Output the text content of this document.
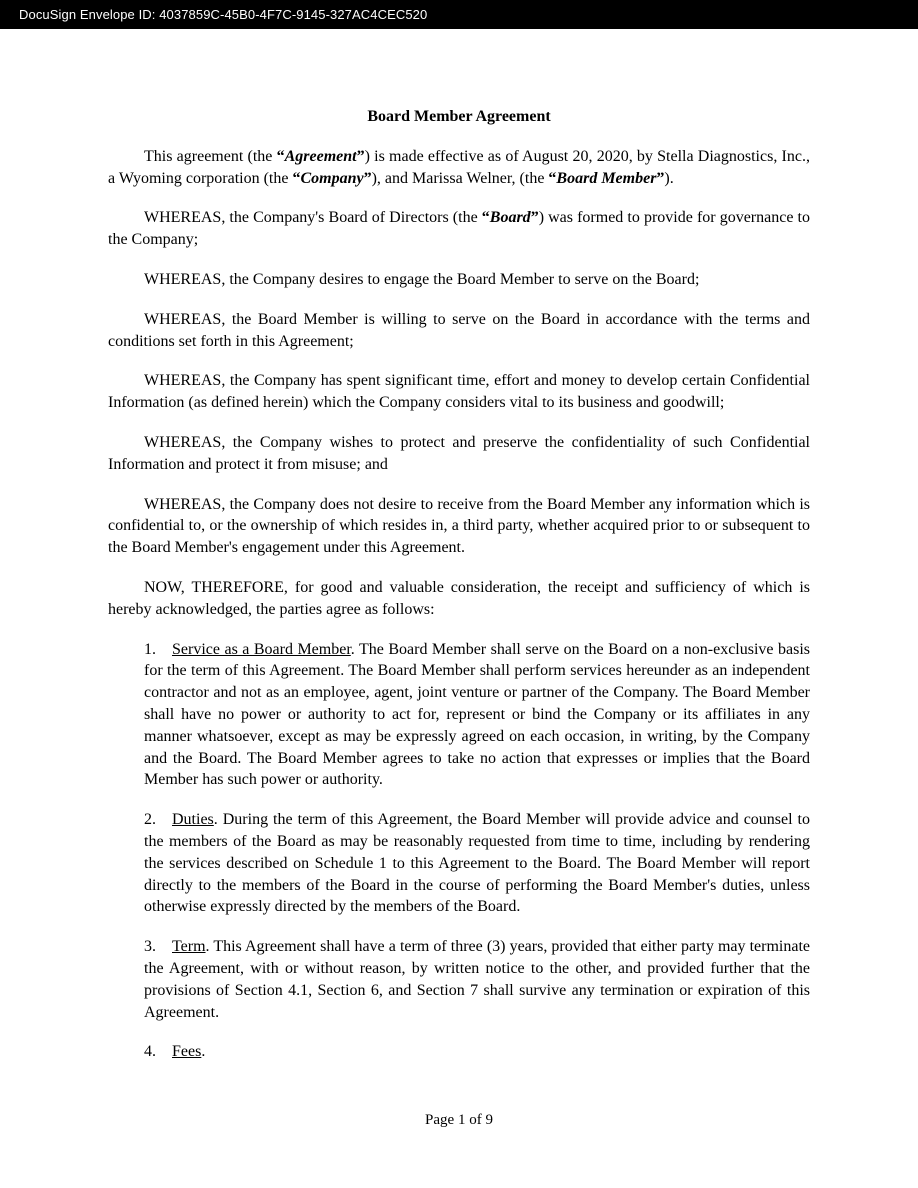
DocuSign Envelope ID: 4037859C-45B0-4F7C-9145-327AC4CEC520
Board Member Agreement

This agreement (the “Agreement”) is made effective as of August 20, 2020, by Stella Diagnostics, Inc., a Wyoming corporation (the “Company”), and Marissa Welner, (the “Board Member”).

WHEREAS, the Company's Board of Directors (the “Board”) was formed to provide for governance to the Company;

WHEREAS, the Company desires to engage the Board Member to serve on the Board;

WHEREAS, the Board Member is willing to serve on the Board in accordance with the terms and conditions set forth in this Agreement;

WHEREAS, the Company has spent significant time, effort and money to develop certain Confidential Information (as defined herein) which the Company considers vital to its business and goodwill;

WHEREAS, the Company wishes to protect and preserve the confidentiality of such Confidential Information and protect it from misuse; and

WHEREAS, the Company does not desire to receive from the Board Member any information which is confidential to, or the ownership of which resides in, a third party, whether acquired prior to or subsequent to the Board Member's engagement under this Agreement.

NOW, THEREFORE, for good and valuable consideration, the receipt and sufficiency of which is hereby acknowledged, the parties agree as follows:

1. Service as a Board Member. The Board Member shall serve on the Board on a non-exclusive basis for the term of this Agreement. The Board Member shall perform services hereunder as an independent contractor and not as an employee, agent, joint venture or partner of the Company. The Board Member shall have no power or authority to act for, represent or bind the Company or its affiliates in any manner whatsoever, except as may be expressly agreed on each occasion, in writing, by the Company and the Board. The Board Member agrees to take no action that expresses or implies that the Board Member has such power or authority.
2. Duties. During the term of this Agreement, the Board Member will provide advice and counsel to the members of the Board as may be reasonably requested from time to time, including by rendering the services described on Schedule 1 to this Agreement to the Board. The Board Member will report directly to the members of the Board in the course of performing the Board Member's duties, unless otherwise expressly directed by the members of the Board.
3. Term. This Agreement shall have a term of three (3) years, provided that either party may terminate the Agreement, with or without reason, by written notice to the other, and provided further that the provisions of Section 4.1, Section 6, and Section 7 shall survive any termination or expiration of this Agreement.
4. Fees.
Page 1 of 9
